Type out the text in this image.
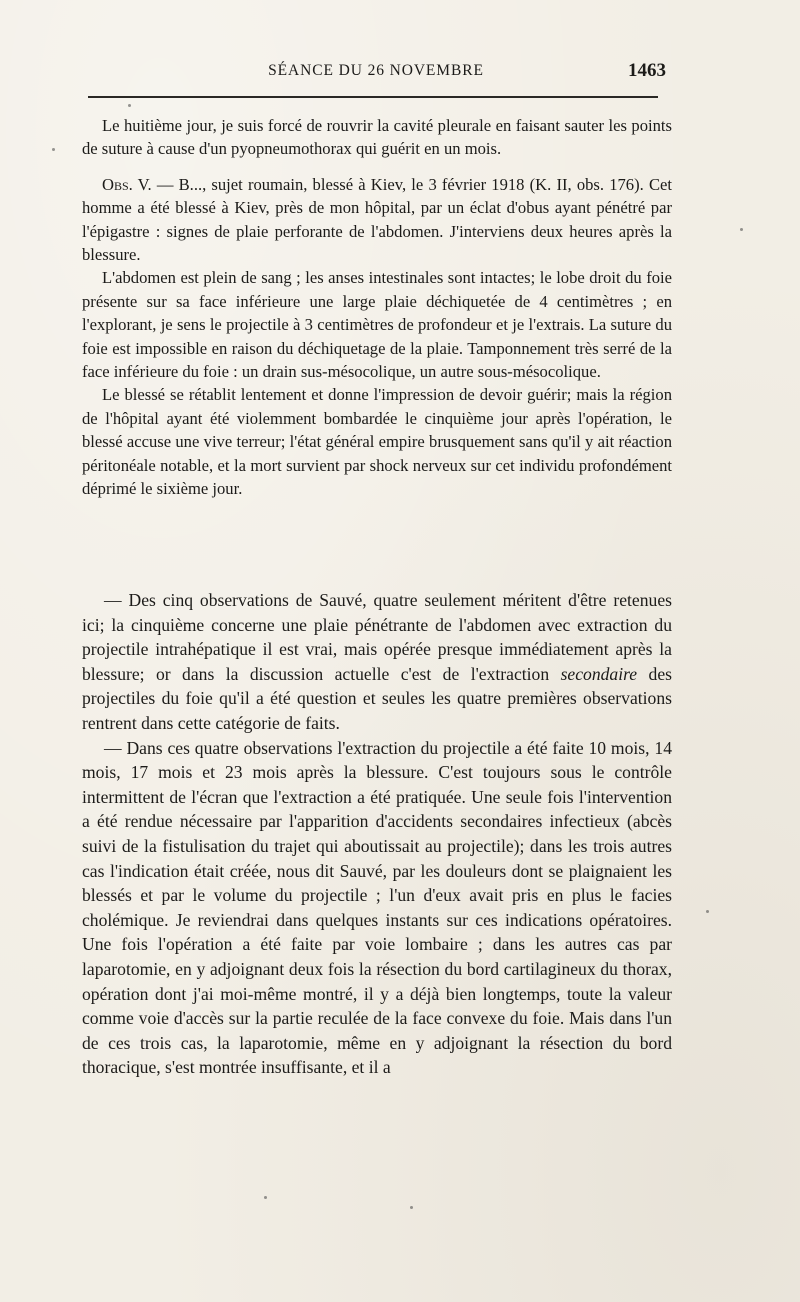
SÉANCE DU 26 NOVEMBRE	1463

Le huitième jour, je suis forcé de rouvrir la cavité pleurale en faisant sauter les points de suture à cause d'un pyopneumothorax qui guérit en un mois.

Obs. V. — B..., sujet roumain, blessé à Kiev, le 3 février 1918 (K. II, obs. 176). Cet homme a été blessé à Kiev, près de mon hôpital, par un éclat d'obus ayant pénétré par l'épigastre : signes de plaie perforante de l'abdomen. J'interviens deux heures après la blessure.

L'abdomen est plein de sang ; les anses intestinales sont intactes; le lobe droit du foie présente sur sa face inférieure une large plaie déchiquetée de 4 centimètres ; en l'explorant, je sens le projectile à 3 centimètres de profondeur et je l'extrais. La suture du foie est impossible en raison du déchiquetage de la plaie. Tamponnement très serré de la face inférieure du foie : un drain sus-mésocolique, un autre sous-mésocolique.

Le blessé se rétablit lentement et donne l'impression de devoir guérir; mais la région de l'hôpital ayant été violemment bombardée le cinquième jour après l'opération, le blessé accuse une vive terreur; l'état général empire brusquement sans qu'il y ait réaction péritonéale notable, et la mort survient par shock nerveux sur cet individu profondément déprimé le sixième jour.

— Des cinq observations de Sauvé, quatre seulement méritent d'être retenues ici; la cinquième concerne une plaie pénétrante de l'abdomen avec extraction du projectile intrahépatique il est vrai, mais opérée presque immédiatement après la blessure; or dans la discussion actuelle c'est de l'extraction secondaire des projectiles du foie qu'il a été question et seules les quatre premières observations rentrent dans cette catégorie de faits.

— Dans ces quatre observations l'extraction du projectile a été faite 10 mois, 14 mois, 17 mois et 23 mois après la blessure. C'est toujours sous le contrôle intermittent de l'écran que l'extraction a été pratiquée. Une seule fois l'intervention a été rendue nécessaire par l'apparition d'accidents secondaires infectieux (abcès suivi de la fistulisation du trajet qui aboutissait au projectile); dans les trois autres cas l'indication était créée, nous dit Sauvé, par les douleurs dont se plaignaient les blessés et par le volume du projectile ; l'un d'eux avait pris en plus le facies cholémique. Je reviendrai dans quelques instants sur ces indications opératoires. Une fois l'opération a été faite par voie lombaire ; dans les autres cas par laparotomie, en y adjoignant deux fois la résection du bord cartilagineux du thorax, opération dont j'ai moi-même montré, il y a déjà bien longtemps, toute la valeur comme voie d'accès sur la partie reculée de la face convexe du foie. Mais dans l'un de ces trois cas, la laparotomie, même en y adjoignant la résection du bord thoracique, s'est montrée insuffisante, et il a
